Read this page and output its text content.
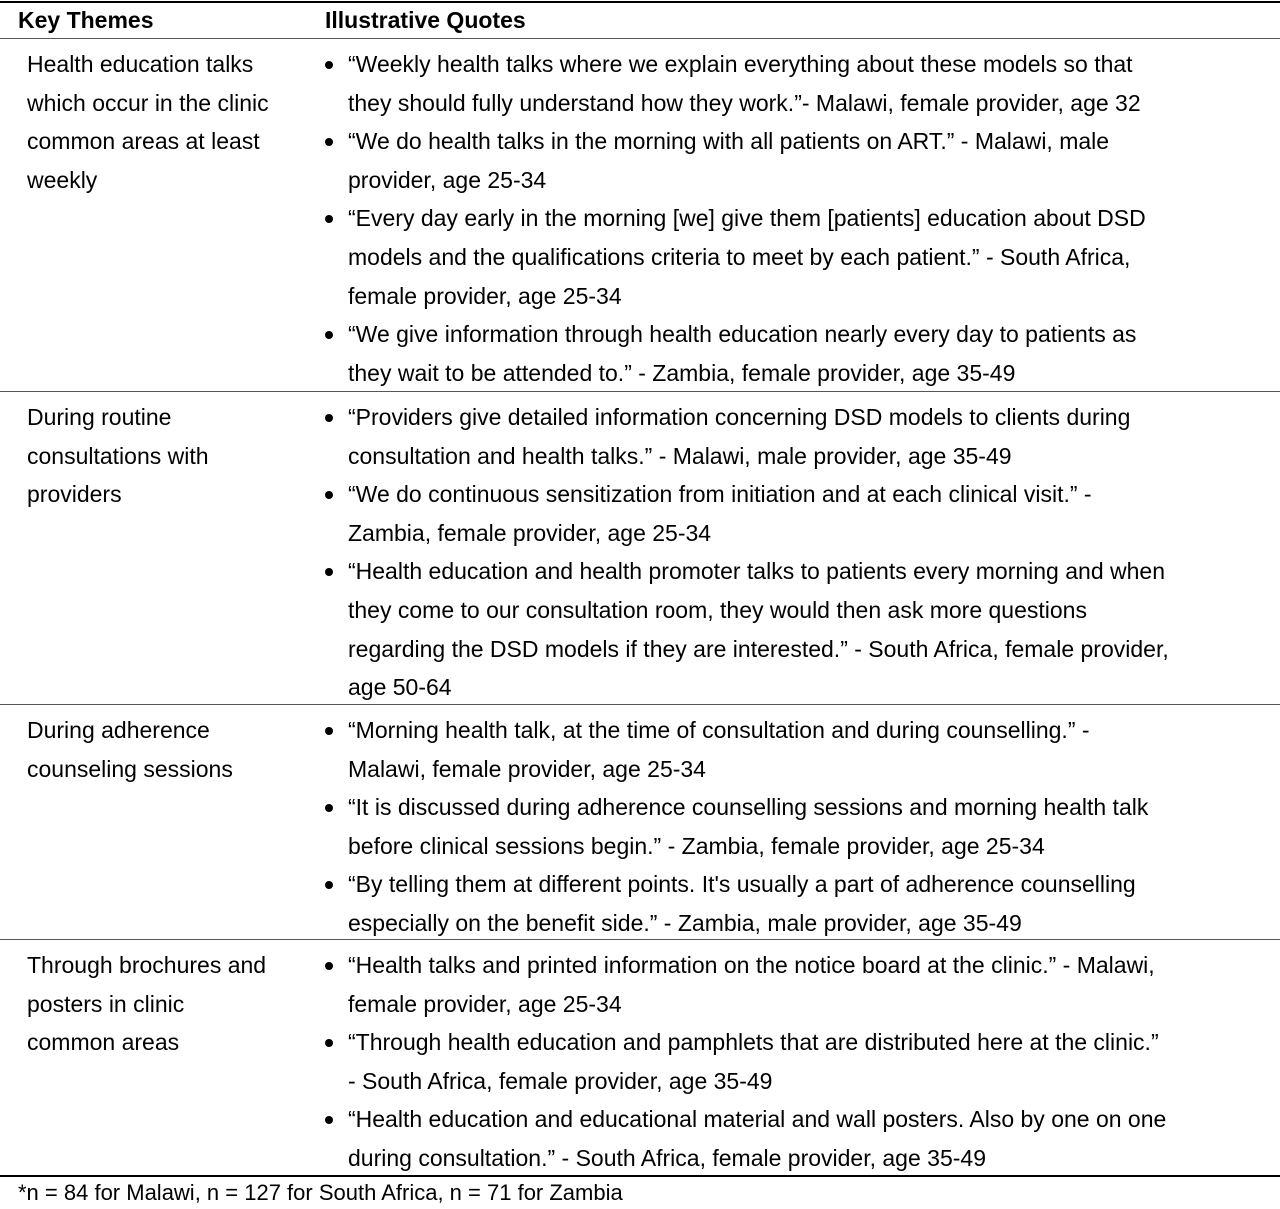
Key Themes	Illustrative Quotes
Health education talks
which occur in the clinic
common areas at least
weekly
“Weekly health talks where we explain everything about these models so that
they should fully understand how they work.”- Malawi, female provider, age 32
“We do health talks in the morning with all patients on ART.” - Malawi, male
provider, age 25-34
“Every day early in the morning [we] give them [patients] education about DSD
models and the qualifications criteria to meet by each patient.” - South Africa,
female provider, age 25-34
“We give information through health education nearly every day to patients as
they wait to be attended to.” - Zambia, female provider, age 35-49
During routine
consultations with
providers
“Providers give detailed information concerning DSD models to clients during
consultation and health talks.” - Malawi, male provider, age 35-49
“We do continuous sensitization from initiation and at each clinical visit.” -
Zambia, female provider, age 25-34
“Health education and health promoter talks to patients every morning and when
they come to our consultation room, they would then ask more questions
regarding the DSD models if they are interested.” - South Africa, female provider,
age 50-64
During adherence
counseling sessions
“Morning health talk, at the time of consultation and during counselling.” -
Malawi, female provider, age 25-34
“It is discussed during adherence counselling sessions and morning health talk
before clinical sessions begin.” - Zambia, female provider, age 25-34
“By telling them at different points. It's usually a part of adherence counselling
especially on the benefit side.” - Zambia, male provider, age 35-49
Through brochures and
posters in clinic
common areas
“Health talks and printed information on the notice board at the clinic.” - Malawi,
female provider, age 25-34
“Through health education and pamphlets that are distributed here at the clinic.”
- South Africa, female provider, age 35-49
“Health education and educational material and wall posters. Also by one on one
during consultation.” - South Africa, female provider, age 35-49
*n = 84 for Malawi, n = 127 for South Africa, n = 71 for Zambia
